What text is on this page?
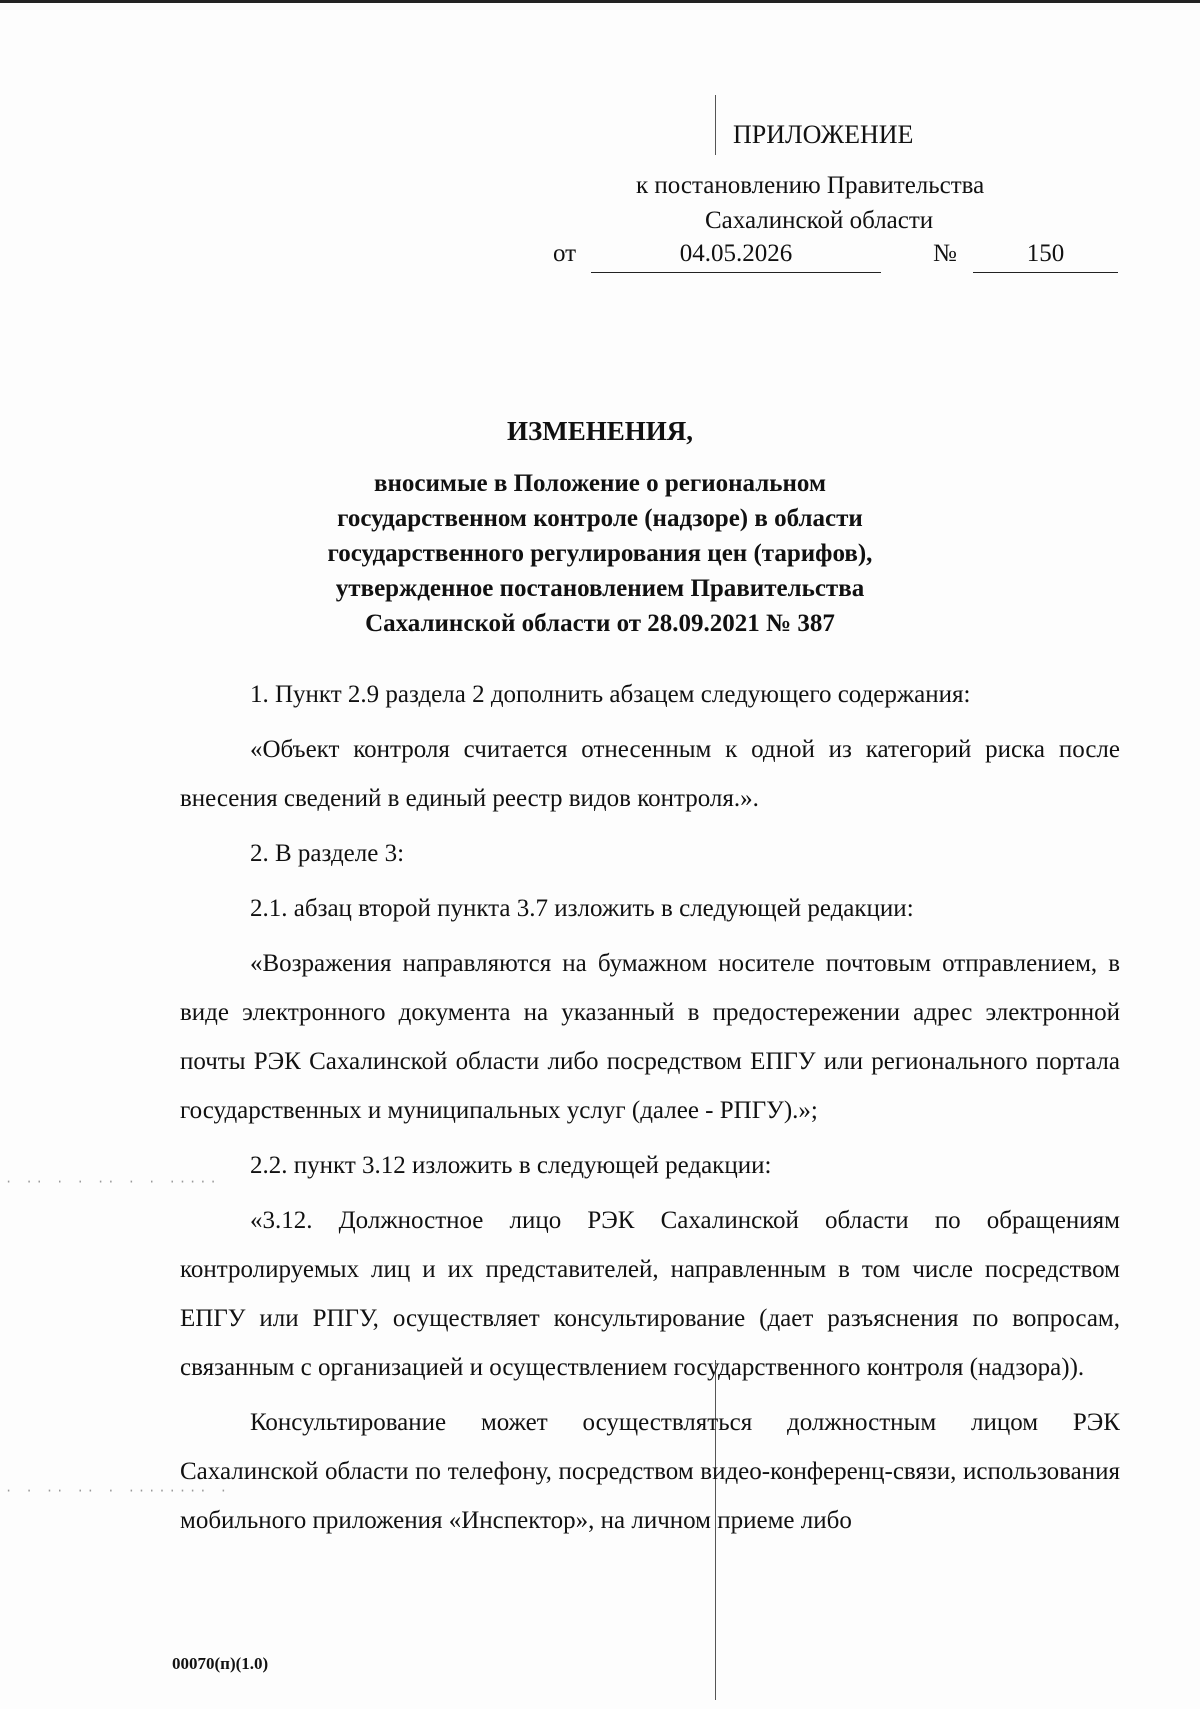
· ·· · · ·· · · ·····
· · ·· ·· · ········ ·
ПРИЛОЖЕНИЕ
к постановлению Правительства
Сахалинской области
от	04.05.2026	№	150
ИЗМЕНЕНИЯ,
вносимые в Положение о региональном
государственном контроле (надзоре) в области
государственного регулирования цен (тарифов),
утвержденное постановлением Правительства
Сахалинской области от 28.09.2021 № 387

1. Пункт 2.9 раздела 2 дополнить абзацем следующего содержания:

«Объект контроля считается отнесенным к одной из категорий риска после внесения сведений в единый реестр видов контроля.».

2. В разделе 3:

2.1. абзац второй пункта 3.7 изложить в следующей редакции:

«Возражения направляются на бумажном носителе почтовым отправлением, в виде электронного документа на указанный в предостережении адрес электронной почты РЭК Сахалинской области либо посредством ЕПГУ или регионального портала государственных и муниципальных услуг (далее - РПГУ).»;

2.2. пункт 3.12 изложить в следующей редакции:

«3.12. Должностное лицо РЭК Сахалинской области по обращениям контролируемых лиц и их представителей, направленным в том числе посредством ЕПГУ или РПГУ, осуществляет консультирование (дает разъяснения по вопросам, связанным с организацией и осуществлением государственного контроля (надзора)).

Консультирование может осуществляться должностным лицом РЭК Сахалинской области по телефону, посредством видео-конференц-связи, использования мобильного приложения «Инспектор», на личном приеме либо

00070(п)(1.0)
